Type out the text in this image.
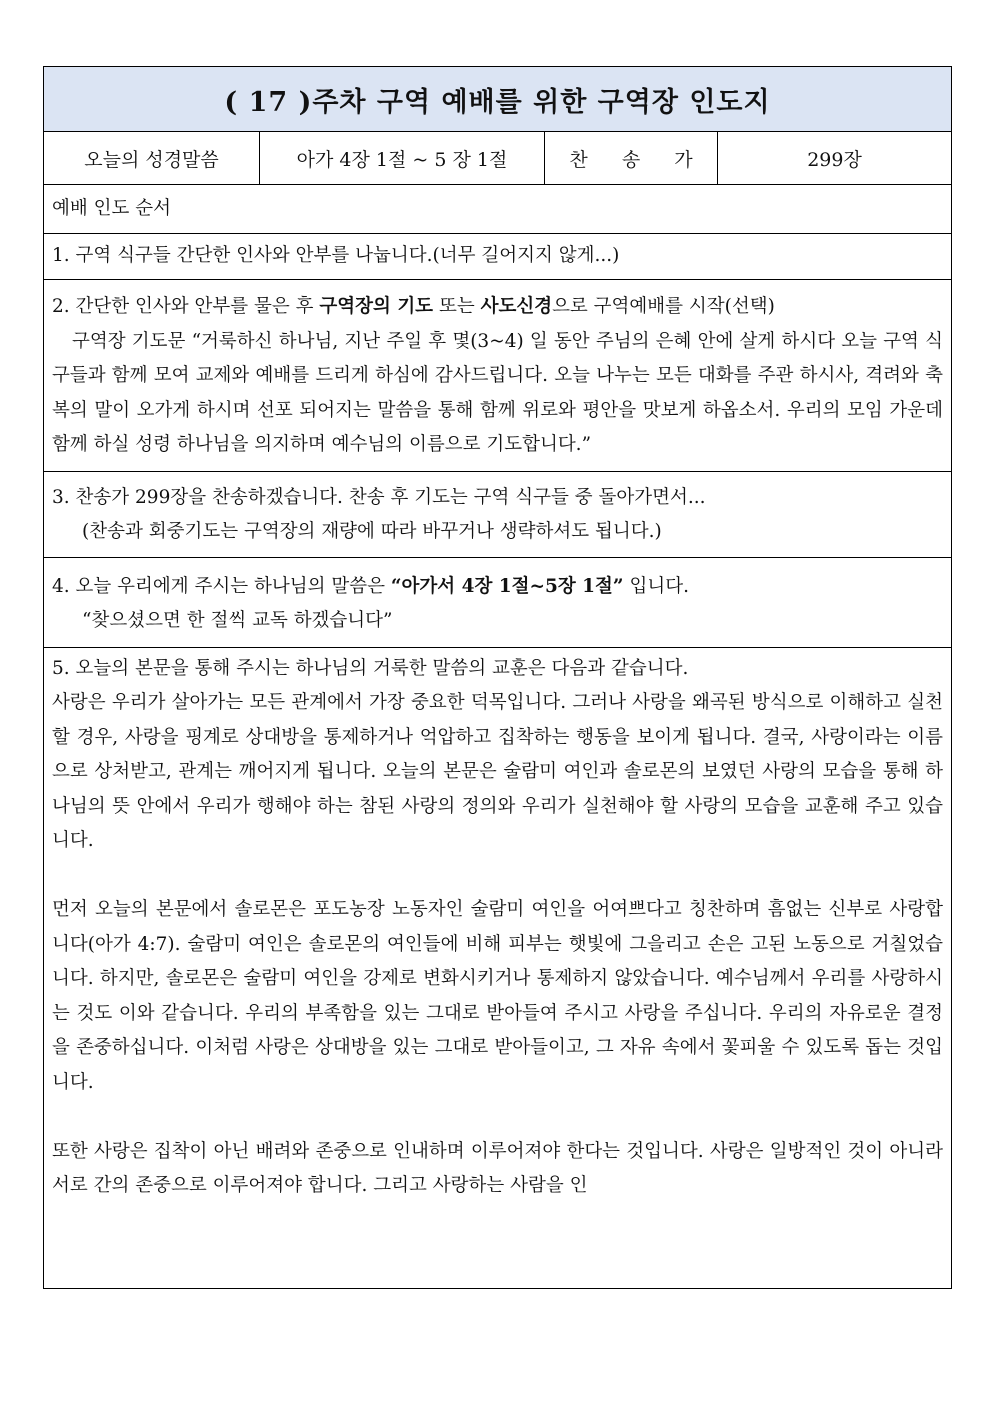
( 17 )주차 구역 예배를 위한 구역장 인도지
오늘의 성경말씀	아가 4장 1절 ~ 5 장 1절	찬 송 가	299장
예배 인도 순서
1. 구역 식구들 간단한 인사와 안부를 나눕니다.(너무 길어지지 않게...)
2. 간단한 인사와 안부를 물은 후 구역장의 기도 또는 사도신경으로 구역예배를 시작(선택)
구역장 기도문 “거룩하신 하나님, 지난 주일 후 몇(3~4) 일 동안 주님의 은혜 안에 살게 하시다 오늘 구역 식구들과 함께 모여 교제와 예배를 드리게 하심에 감사드립니다. 오늘 나누는 모든 대화를 주관 하시사, 격려와 축복의 말이 오가게 하시며 선포 되어지는 말씀을 통해 함께 위로와 평안을 맛보게 하옵소서. 우리의 모임 가운데 함께 하실 성령 하나님을 의지하며 예수님의 이름으로 기도합니다.”
3. 찬송가 299장을 찬송하겠습니다. 찬송 후 기도는 구역 식구들 중 돌아가면서...
(찬송과 회중기도는 구역장의 재량에 따라 바꾸거나 생략하셔도 됩니다.)
4. 오늘 우리에게 주시는 하나님의 말씀은 “아가서 4장 1절~5장 1절” 입니다.
“찾으셨으면 한 절씩 교독 하겠습니다”
5. 오늘의 본문을 통해 주시는 하나님의 거룩한 말씀의 교훈은 다음과 같습니다.
사랑은 우리가 살아가는 모든 관계에서 가장 중요한 덕목입니다. 그러나 사랑을 왜곡된 방식으로 이해하고 실천할 경우, 사랑을 핑계로 상대방을 통제하거나 억압하고 집착하는 행동을 보이게 됩니다. 결국, 사랑이라는 이름으로 상처받고, 관계는 깨어지게 됩니다. 오늘의 본문은 술람미 여인과 솔로몬의 보였던 사랑의 모습을 통해 하나님의 뜻 안에서 우리가 행해야 하는 참된 사랑의 정의와 우리가 실천해야 할 사랑의 모습을 교훈해 주고 있습니다.
먼저 오늘의 본문에서 솔로몬은 포도농장 노동자인 술람미 여인을 어여쁘다고 칭찬하며 흠없는 신부로 사랑합니다(아가 4:7). 술람미 여인은 솔로몬의 여인들에 비해 피부는 햇빛에 그을리고 손은 고된 노동으로 거칠었습니다. 하지만, 솔로몬은 술람미 여인을 강제로 변화시키거나 통제하지 않았습니다. 예수님께서 우리를 사랑하시는 것도 이와 같습니다. 우리의 부족함을 있는 그대로 받아들여 주시고 사랑을 주십니다. 우리의 자유로운 결정을 존중하십니다. 이처럼 사랑은 상대방을 있는 그대로 받아들이고, 그 자유 속에서 꽃피울 수 있도록 돕는 것입니다.
또한 사랑은 집착이 아닌 배려와 존중으로 인내하며 이루어져야 한다는 것입니다. 사랑은 일방적인 것이 아니라 서로 간의 존중으로 이루어져야 합니다. 그리고 사랑하는 사람을 인
